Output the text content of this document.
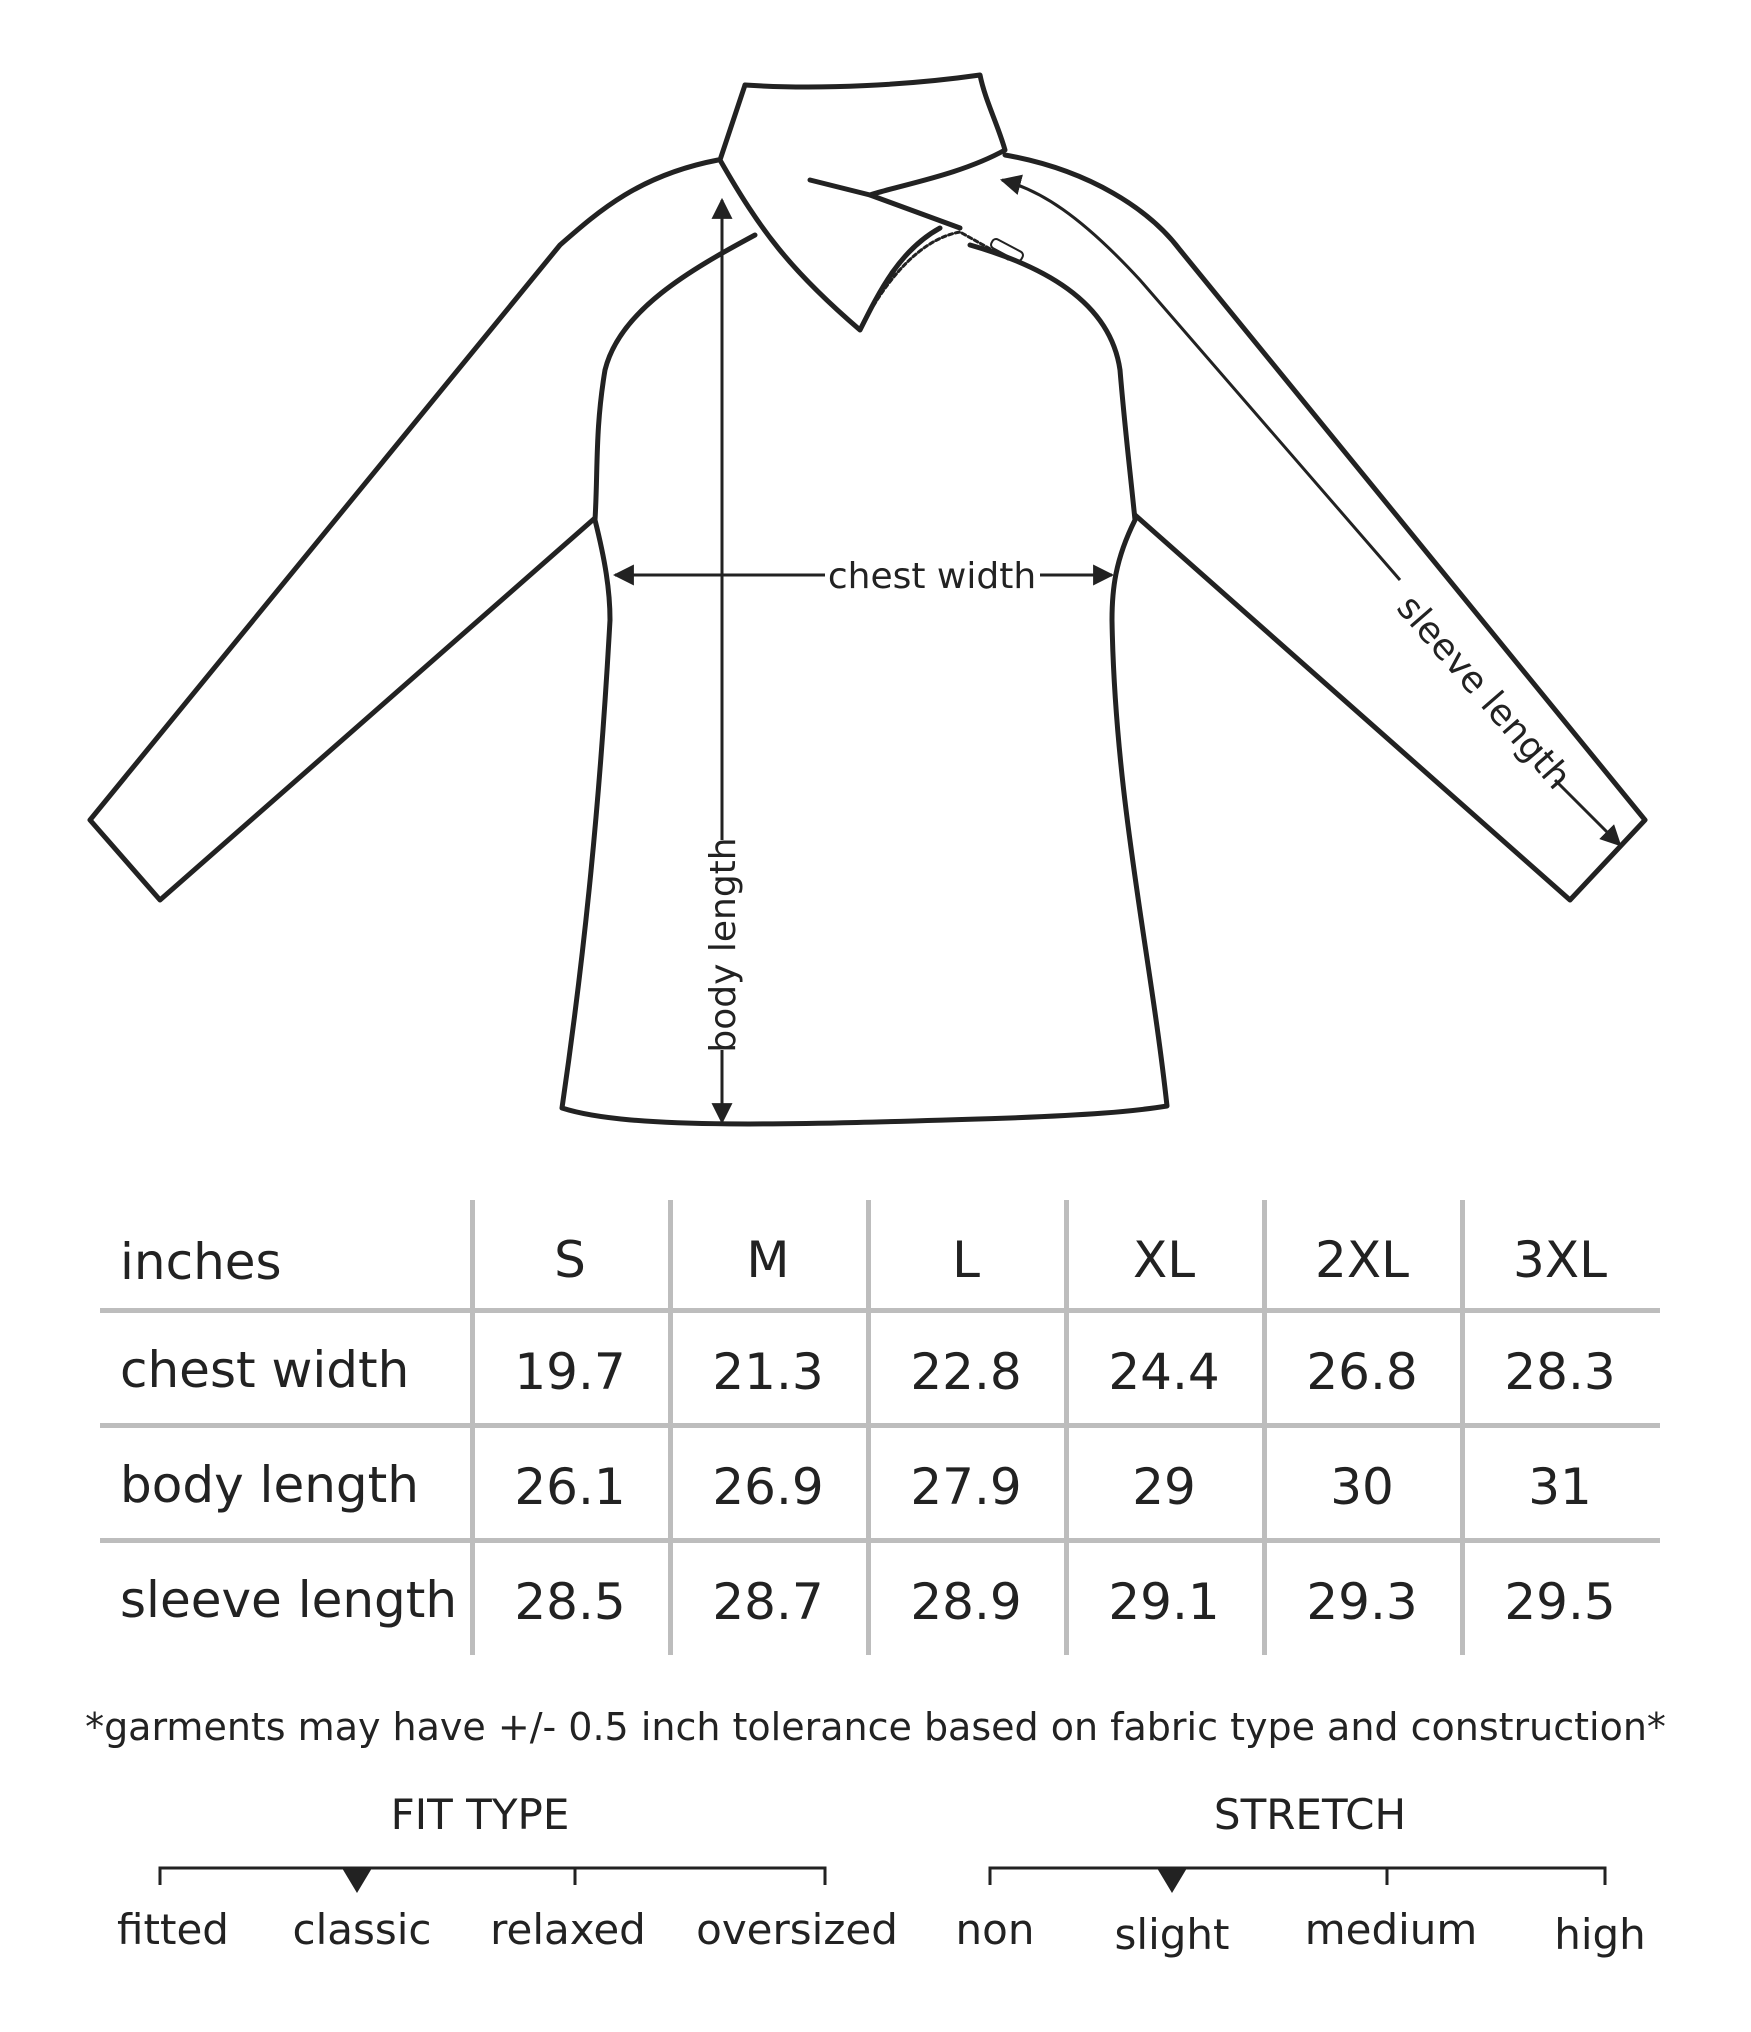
chest width
body length
sleeve length
inches	S	M	L	XL	2XL	3XL
chest width	19.7	21.3	22.8	24.4	26.8	28.3
body length	26.1	26.9	27.9	29	30	31
sleeve length	28.5	28.7	28.9	29.1	29.3	29.5
*garments may have +/- 0.5 inch tolerance based on fabric type and construction*
FIT TYPE	STRETCH
fitted classic relaxed oversized non slight medium high
